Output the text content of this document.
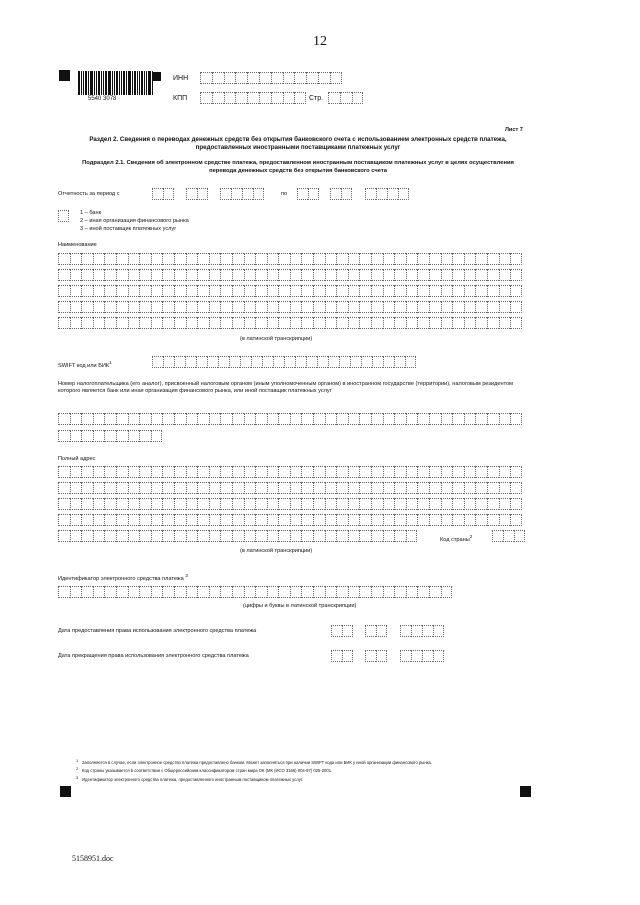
12
5540 3078
ИНН
КПП	Стр.
Лист 7
Раздел 2. Сведения о переводах денежных средств без открытия банковского счета с использованием электронных средств платежа, предоставленных иностранными поставщиками платежных услуг
Подраздел 2.1. Сведения об электронном средстве платежа, предоставленном иностранным поставщиком платежных услуг в целях осуществления перевода денежных средств без открытия банковского счета
Отчетность за период с	по
1 – банк
2 – иная организация финансового рынка
3 – иной поставщик платежных услуг
Наименование
(в латинской транскрипции)
SWIFT код или БИК$^1$
Номер налогоплательщика (его аналог), присвоенный налоговым органом (иным уполномоченным органом) в иностранном государстве (территории), налоговым резидентом которого является банк или иная организация финансового рынка, или иной поставщик платежных услуг
Полный адрес
Код страны$^2$
(в латинской транскрипции)
Идентификатор электронного средства платежа $^3$
(цифры и буквы в латинской транскрипции)
Дата предоставления права использования электронного средства платежа
Дата прекращения права использования электронного средства платежа
1 Заполняется в случае, если электронное средство платежа предоставлено банком. Может заполняться при наличии SWIFT кода или БИК у иной организации финансового рынка.
2 Код страны указывается в соответствии с Общероссийским классификатором стран мира ОК (МК (ИСО 3166) 004-97) 025-2001.
3 Идентификатор электронного средства платежа, предоставленного иностранным поставщиком платежных услуг.
5158951.doc
